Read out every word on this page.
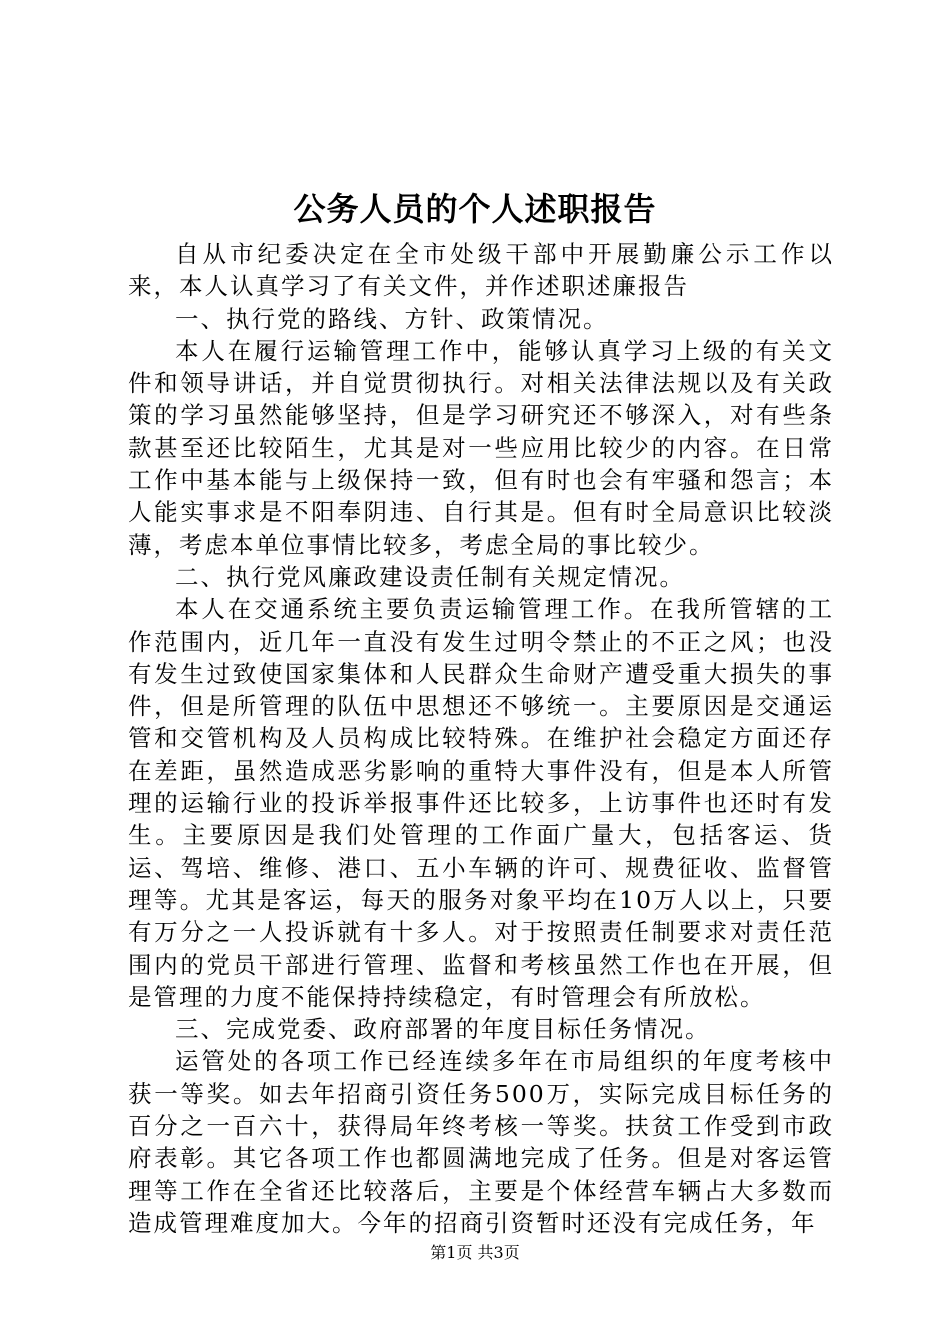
公务人员的个人述职报告

自从市纪委决定在全市处级干部中开展勤廉公示工作以来，本人认真学习了有关文件，并作述职述廉报告

一、执行党的路线、方针、政策情况。

本人在履行运输管理工作中，能够认真学习上级的有关文件和领导讲话，并自觉贯彻执行。对相关法律法规以及有关政策的学习虽然能够坚持，但是学习研究还不够深入，对有些条款甚至还比较陌生，尤其是对一些应用比较少的内容。在日常工作中基本能与上级保持一致，但有时也会有牢骚和怨言；本人能实事求是不阳奉阴违、自行其是。但有时全局意识比较淡薄，考虑本单位事情比较多，考虑全局的事比较少。

二、执行党风廉政建设责任制有关规定情况。

本人在交通系统主要负责运输管理工作。在我所管辖的工作范围内，近几年一直没有发生过明令禁止的不正之风；也没有发生过致使国家集体和人民群众生命财产遭受重大损失的事件，但是所管理的队伍中思想还不够统一。主要原因是交通运管和交管机构及人员构成比较特殊。在维护社会稳定方面还存在差距，虽然造成恶劣影响的重特大事件没有，但是本人所管理的运输行业的投诉举报事件还比较多，上访事件也还时有发生。主要原因是我们处管理的工作面广量大，包括客运、货运、驾培、维修、港口、五小车辆的许可、规费征收、监督管理等。尤其是客运，每天的服务对象平均在10万人以上，只要有万分之一人投诉就有十多人。对于按照责任制要求对责任范围内的党员干部进行管理、监督和考核虽然工作也在开展，但是管理的力度不能保持持续稳定，有时管理会有所放松。

三、完成党委、政府部署的年度目标任务情况。

运管处的各项工作已经连续多年在市局组织的年度考核中获一等奖。如去年招商引资任务500万，实际完成目标任务的百分之一百六十，获得局年终考核一等奖。扶贫工作受到市政府表彰。其它各项工作也都圆满地完成了任务。但是对客运管理等工作在全省还比较落后，主要是个体经营车辆占大多数而造成管理难度加大。今年的招商引资暂时还没有完成任务，年

第1页 共3页
